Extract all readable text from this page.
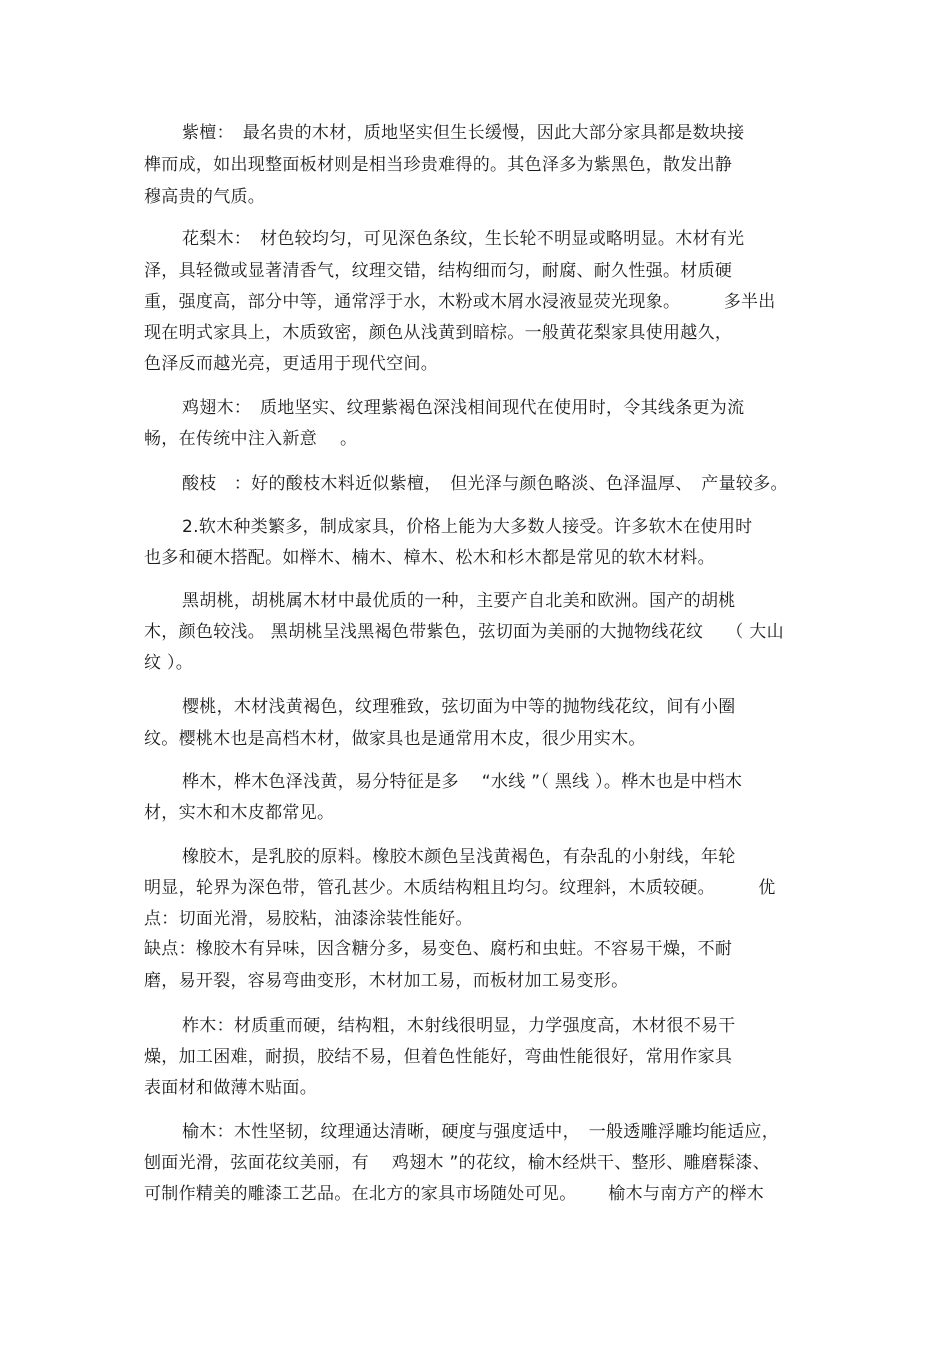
紫檀：　最名贵的木材，质地坚实但生长缓慢，因此大部分家具都是数块接
榫而成，如出现整面板材则是相当珍贵难得的。其色泽多为紫黑色，散发出静
穆高贵的气质。
花梨木：　材色较均匀，可见深色条纹，生长轮不明显或略明显。木材有光
泽，具轻微或显著清香气，纹理交错，结构细而匀，耐腐、耐久性强。材质硬
重，强度高，部分中等，通常浮于水，木粉或木屑水浸液显荧光现象。　　　多半出
现在明式家具上，木质致密，颜色从浅黄到暗棕。一般黄花梨家具使用越久，
色泽反而越光亮，更适用于现代空间。
鸡翅木：　质地坚实、纹理紫褐色深浅相间现代在使用时，令其线条更为流
畅，在传统中注入新意　 。
酸枝　：好的酸枝木料近似紫檀，　但光泽与颜色略淡、色泽温厚、　产量较多。
2.软木种类繁多，制成家具，价格上能为大多数人接受。许多软木在使用时
也多和硬木搭配。如榉木、楠木、樟木、松木和杉木都是常见的软木材料。
黑胡桃，胡桃属木材中最优质的一种，主要产自北美和欧洲。国产的胡桃
木，颜色较浅。 黑胡桃呈浅黑褐色带紫色，弦切面为美丽的大抛物线花纹　 （ 大山
纹 ）。
樱桃，木材浅黄褐色，纹理雅致，弦切面为中等的抛物线花纹，间有小圈
纹。樱桃木也是高档木材，做家具也是通常用木皮，很少用实木。
桦木，桦木色泽浅黄，易分特征是多　 “水线 ”（ 黑线 ）。桦木也是中档木
材，实木和木皮都常见。
橡胶木，是乳胶的原料。橡胶木颜色呈浅黄褐色，有杂乱的小射线，年轮
明显，轮界为深色带，管孔甚少。木质结构粗且均匀。纹理斜，木质较硬。　　　优
点：切面光滑，易胶粘，油漆涂装性能好。
缺点：橡胶木有异味，因含糖分多，易变色、腐朽和虫蛀。不容易干燥，不耐
磨，易开裂，容易弯曲变形，木材加工易，而板材加工易变形。
柞木：材质重而硬，结构粗，木射线很明显，力学强度高，木材很不易干
燥，加工困难，耐损，胶结不易，但着色性能好，弯曲性能很好，常用作家具
表面材和做薄木贴面。
榆木：木性坚韧，纹理通达清晰，硬度与强度适中，　一般透雕浮雕均能适应，
刨面光滑，弦面花纹美丽，有　 鸡翅木 ”的花纹，榆木经烘干、整形、雕磨髹漆、
可制作精美的雕漆工艺品。在北方的家具市场随处可见。　　 榆木与南方产的榉木
